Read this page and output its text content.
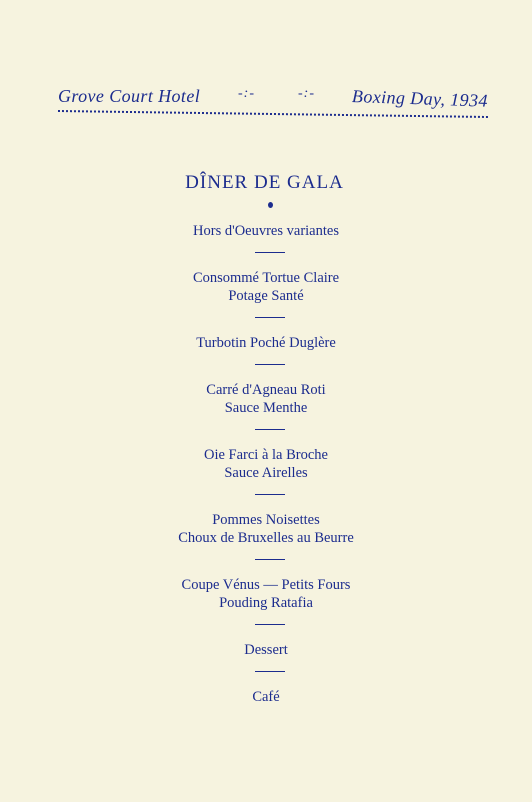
Grove Court Hotel	-:-	-:- Boxing Day, 1934
DÎNER DE GALA
Hors d'Oeuvres variantes
Consommé Tortue Claire
Potage Santé
Turbotin Poché Duglère
Carré d'Agneau Roti
Sauce Menthe
Oie Farci à la Broche
Sauce Airelles
Pommes Noisettes
Choux de Bruxelles au Beurre
Coupe Vénus — Petits Fours
Pouding Ratafia
Dessert
Café
